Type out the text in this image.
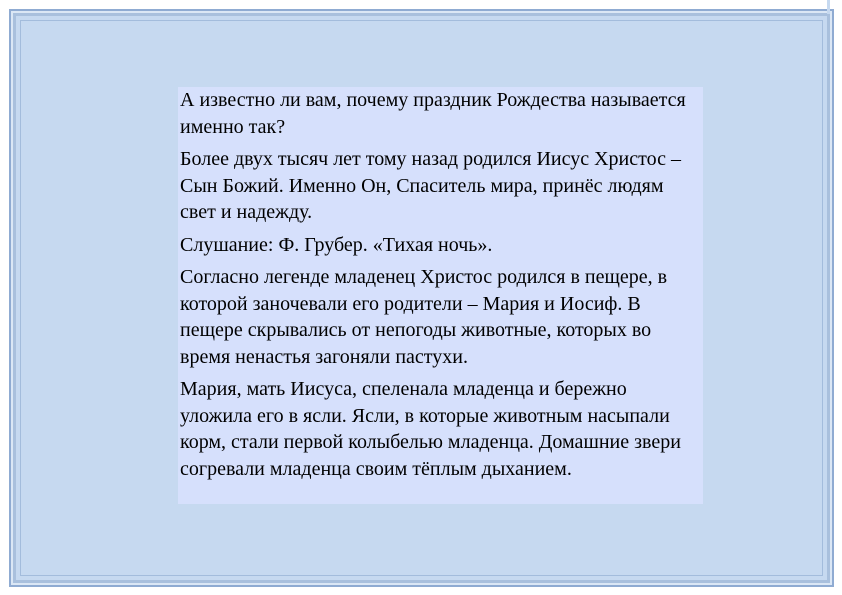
А известно ли вам, почему праздник Рождества называется именно так?

Более двух тысяч лет тому назад родился Иисус Христос – Сын Божий. Именно Он, Спаситель мира, принёс людям свет и надежду.

Слушание: Ф. Грубер. «Тихая ночь».

Согласно легенде младенец Христос родился в пещере, в которой заночевали его родители – Мария и Иосиф. В пещере скрывались от непогоды животные, которых во время ненастья загоняли пастухи.

Мария, мать Иисуса, спеленала младенца и бережно уложила его в ясли. Ясли, в которые животным насыпали корм, стали первой колыбелью младенца. Домашние звери согревали младенца своим тёплым дыханием.
